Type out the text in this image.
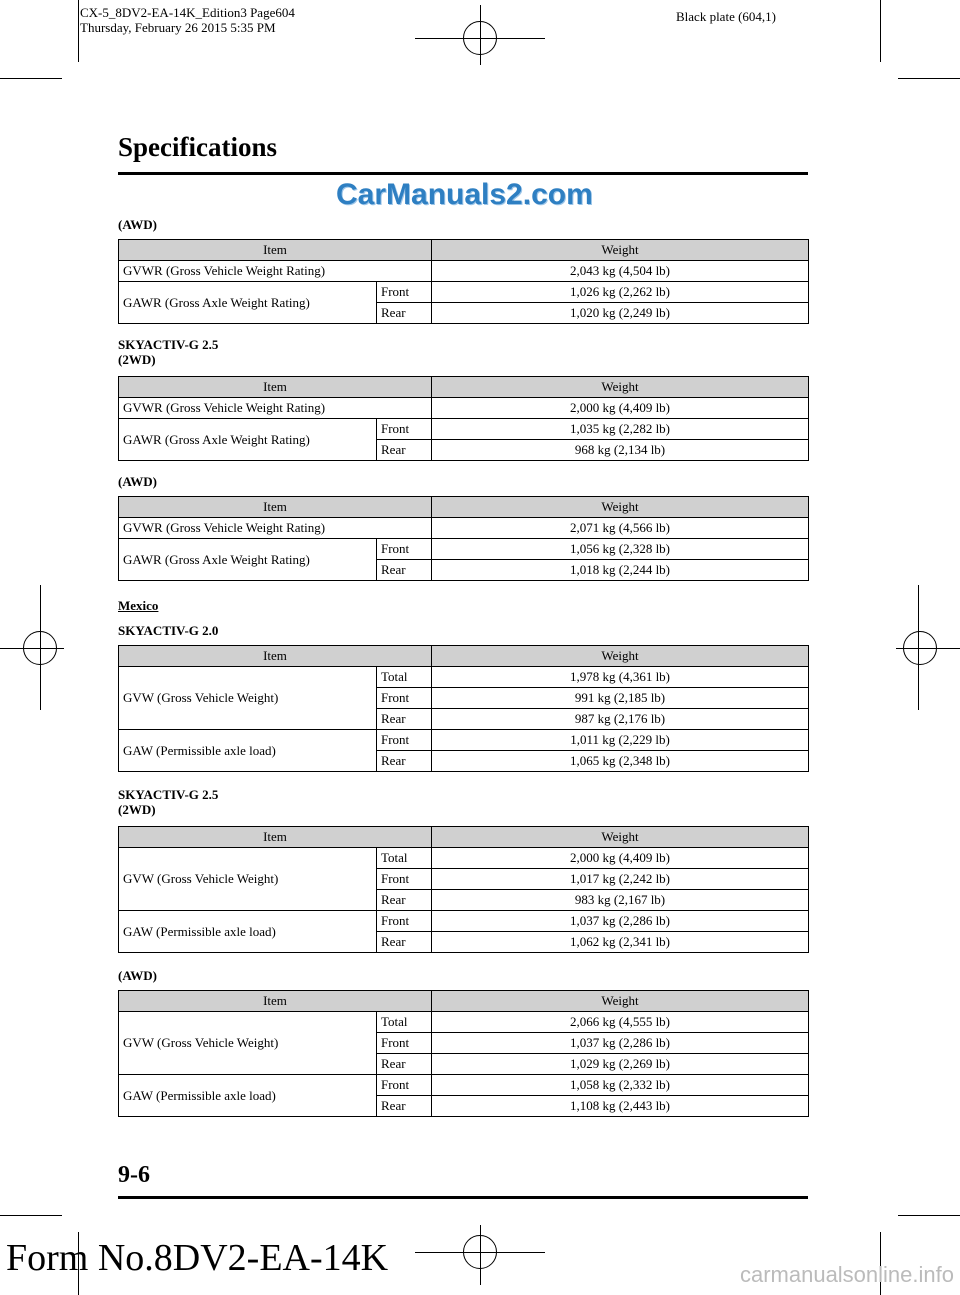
CX-5_8DV2-EA-14K_Edition3 Page604
Thursday, February 26 2015 5:35 PM
Black plate (604,1)
Specifications
CarManuals2.com
(AWD)
Item		Weight
GVWR (Gross Vehicle Weight Rating)		2,043 kg (4,504 lb)
GAWR (Gross Axle Weight Rating)	Front	1,026 kg (2,262 lb)
	Rear	1,020 kg (2,249 lb)
SKYACTIV-G 2.5
(2WD)
Item		Weight
GVWR (Gross Vehicle Weight Rating)		2,000 kg (4,409 lb)
GAWR (Gross Axle Weight Rating)	Front	1,035 kg (2,282 lb)
	Rear	968 kg (2,134 lb)
(AWD)
Item		Weight
GVWR (Gross Vehicle Weight Rating)		2,071 kg (4,566 lb)
GAWR (Gross Axle Weight Rating)	Front	1,056 kg (2,328 lb)
	Rear	1,018 kg (2,244 lb)
Mexico
SKYACTIV-G 2.0
Item		Weight
GVW (Gross Vehicle Weight)	Total	1,978 kg (4,361 lb)
	Front	991 kg (2,185 lb)
	Rear	987 kg (2,176 lb)
GAW (Permissible axle load)	Front	1,011 kg (2,229 lb)
	Rear	1,065 kg (2,348 lb)
SKYACTIV-G 2.5
(2WD)
Item		Weight
GVW (Gross Vehicle Weight)	Total	2,000 kg (4,409 lb)
	Front	1,017 kg (2,242 lb)
	Rear	983 kg (2,167 lb)
GAW (Permissible axle load)	Front	1,037 kg (2,286 lb)
	Rear	1,062 kg (2,341 lb)
(AWD)
Item		Weight
GVW (Gross Vehicle Weight)	Total	2,066 kg (4,555 lb)
	Front	1,037 kg (2,286 lb)
	Rear	1,029 kg (2,269 lb)
GAW (Permissible axle load)	Front	1,058 kg (2,332 lb)
	Rear	1,108 kg (2,443 lb)
9-6
Form No.8DV2-EA-14K	carmanualsonline.info
